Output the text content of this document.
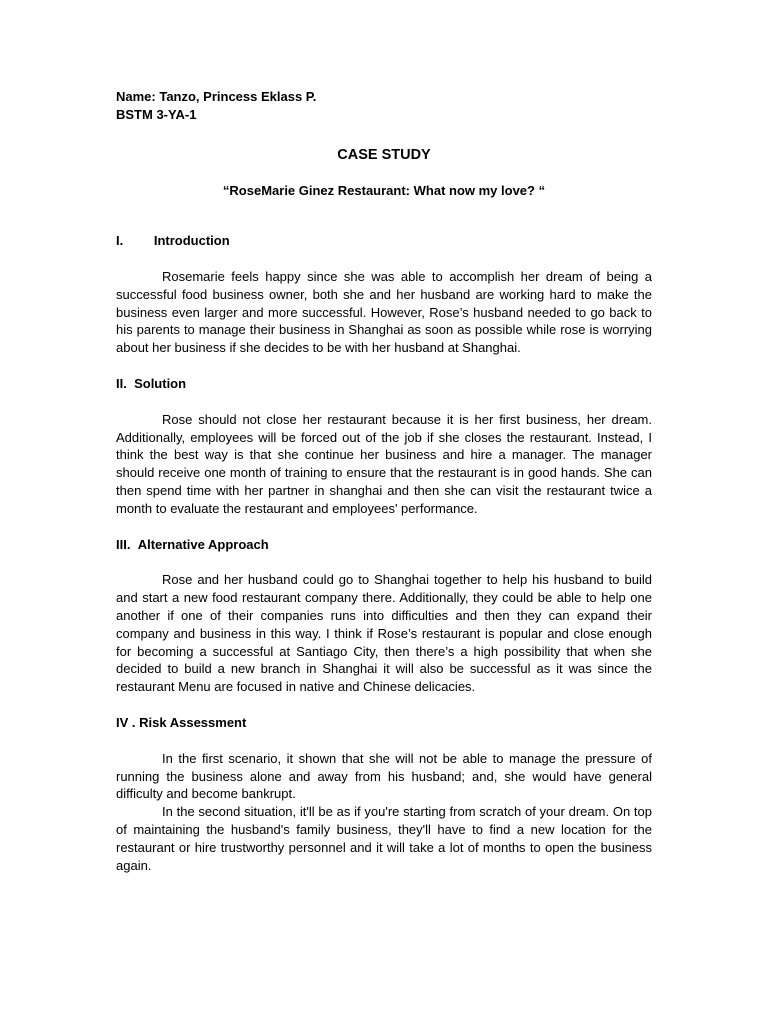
Name: Tanzo, Princess Eklass P.

BSTM 3-YA-1

CASE STUDY

“RoseMarie Ginez Restaurant: What now my love? “

I. Introduction

Rosemarie feels happy since she was able to accomplish her dream of being a successful food business owner, both she and her husband are working hard to make the business even larger and more successful. However, Rose’s husband needed to go back to his parents to manage their business in Shanghai as soon as possible while rose is worrying about her business if she decides to be with her husband at Shanghai.

II. Solution

Rose should not close her restaurant because it is her first business, her dream. Additionally, employees will be forced out of the job if she closes the restaurant. Instead, I think the best way is that she continue her business and hire a manager. The manager should receive one month of training to ensure that the restaurant is in good hands. She can then spend time with her partner in shanghai and then she can visit the restaurant twice a month to evaluate the restaurant and employees' performance.

III. Alternative Approach

Rose and her husband could go to Shanghai together to help his husband to build and start a new food restaurant company there. Additionally, they could be able to help one another if one of their companies runs into difficulties and then they can expand their company and business in this way. I think if Rose’s restaurant is popular and close enough for becoming a successful at Santiago City, then there’s a high possibility that when she decided to build a new branch in Shanghai it will also be successful as it was since the restaurant Menu are focused in native and Chinese delicacies.

IV . Risk Assessment

In the first scenario, it shown that she will not be able to manage the pressure of running the business alone and away from his husband; and, she would have general difficulty and become bankrupt.

In the second situation, it'll be as if you're starting from scratch of your dream. On top of maintaining the husband's family business, they'll have to find a new location for the restaurant or hire trustworthy personnel and it will take a lot of months to open the business again.
